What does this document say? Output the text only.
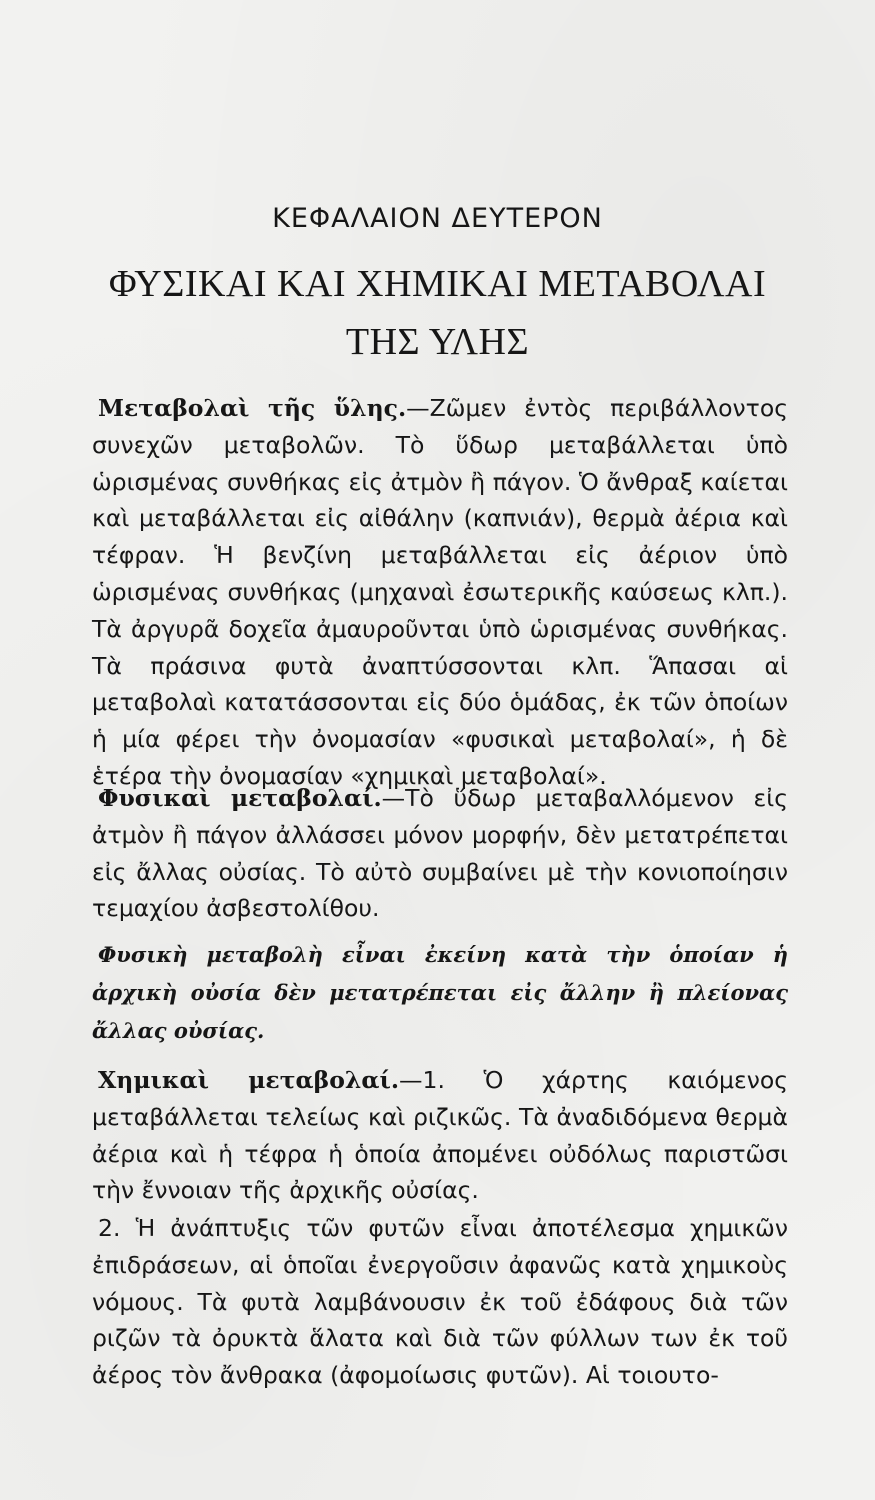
ΚΕΦΑΛΑΙΟΝ ΔΕΥΤΕΡΟΝ
ΦΥΣΙΚΑΙ ΚΑΙ ΧΗΜΙΚΑΙ ΜΕΤΑΒΟΛΑΙ
ΤΗΣ ΥΛΗΣ

Μεταβολαὶ τῆς ὕλης.—Ζῶμεν ἐντὸς περιβάλλοντος συνεχῶν μεταβολῶν. Τὸ ὕδωρ μεταβάλλεται ὑπὸ ὡρισμένας συνθήκας εἰς ἀτμὸν ἢ πάγον. Ὁ ἄνθραξ καίεται καὶ μεταβάλλεται εἰς αἰθάλην (καπνιάν), θερμὰ ἀέρια καὶ τέφραν. Ἡ βενζίνη μεταβάλλεται εἰς ἀέριον ὑπὸ ὡρισμένας συνθήκας (μηχαναὶ ἐσωτερικῆς καύσεως κλπ.). Τὰ ἀργυρᾶ δοχεῖα ἀμαυροῦνται ὑπὸ ὡρισμένας συνθήκας. Τὰ πράσινα φυτὰ ἀναπτύσσονται κλπ. Ἅπασαι αἱ μεταβολαὶ κατατάσσονται εἰς δύο ὁμάδας, ἐκ τῶν ὁποίων ἡ μία φέρει τὴν ὀνομασίαν «φυσικαὶ μεταβολαί», ἡ δὲ ἑτέρα τὴν ὀνομασίαν «χημικαὶ μεταβολαί».

Φυσικαὶ μεταβολαί.—Τὸ ὕδωρ μεταβαλλόμενον εἰς ἀτμὸν ἢ πάγον ἀλλάσσει μόνον μορφήν, δὲν μετατρέπεται εἰς ἄλλας οὐσίας. Τὸ αὐτὸ συμβαίνει μὲ τὴν κονιοποίησιν τεμαχίου ἀσβεστολίθου.

Φυσικὴ μεταβολὴ εἶναι ἐκείνη κατὰ τὴν ὁποίαν ἡ ἀρχικὴ οὐσία δὲν μετατρέπεται εἰς ἄλλην ἢ πλείονας ἄλλας οὐσίας.

Χημικαὶ μεταβολαί.—1. Ὁ χάρτης καιόμενος μεταβάλλεται τελείως καὶ ριζικῶς. Τὰ ἀναδιδόμενα θερμὰ ἀέρια καὶ ἡ τέφρα ἡ ὁποία ἀπομένει οὐδόλως παριστῶσι τὴν ἔννοιαν τῆς ἀρχικῆς οὐσίας.

2. Ἡ ἀνάπτυξις τῶν φυτῶν εἶναι ἀποτέλεσμα χημικῶν ἐπιδράσεων, αἱ ὁποῖαι ἐνεργοῦσιν ἀφανῶς κατὰ χημικοὺς νόμους. Τὰ φυτὰ λαμβάνουσιν ἐκ τοῦ ἐδάφους διὰ τῶν ριζῶν τὰ ὀρυκτὰ ἅλατα καὶ διὰ τῶν φύλλων των ἐκ τοῦ ἀέρος τὸν ἄνθρακα (ἀφομοίωσις φυτῶν). Αἱ τοιουτο-
